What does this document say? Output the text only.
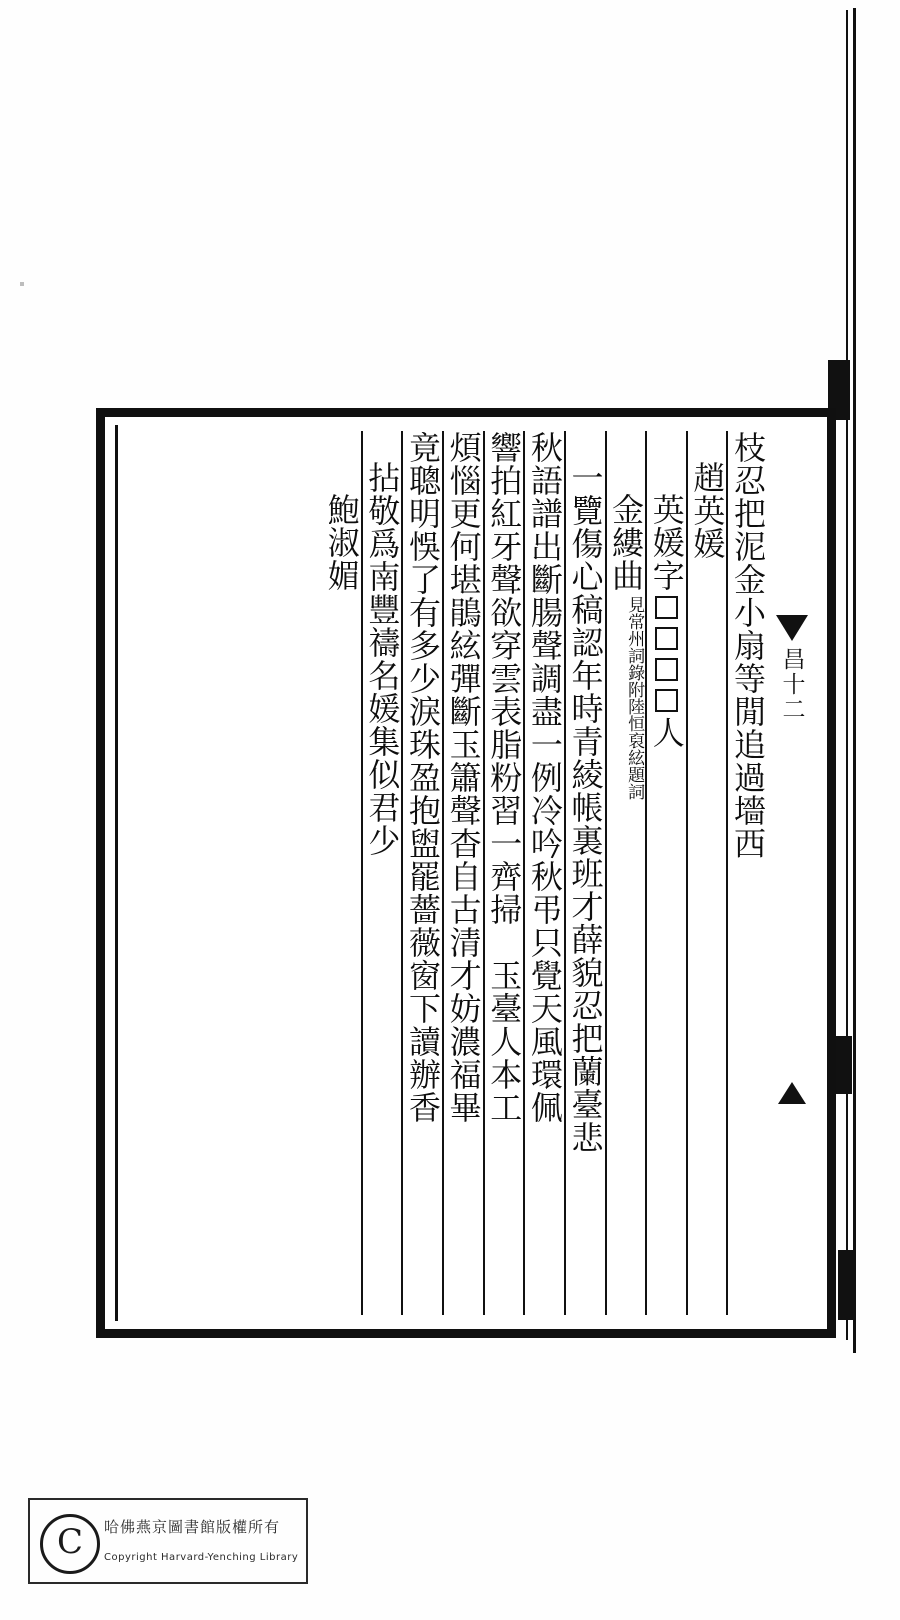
昌十二
枝忍把泥金小扇等閒追過墻西
趙英媛
英媛字人
金縷曲見常州詞錄附陸恒裒絃題詞
一覽傷心稿認年時青綾帳裏班才薛貌忍把蘭臺悲
秋語譜出斷腸聲調盡一例冷吟秋弔只覺天風環佩
響拍紅牙聲欲穿雲表脂粉習一齊掃　玉臺人本工
煩惱更何堪鵑絃彈斷玉簫聲杳自古清才妨濃福畢
竟聰明悞了有多少淚珠盈抱盥罷薔薇窗下讀辦香
拈敬爲南豐禱名媛集似君少
鮑淑媚
C	哈佛燕京圖書館版權所有
Copyright Harvard-Yenching Library
